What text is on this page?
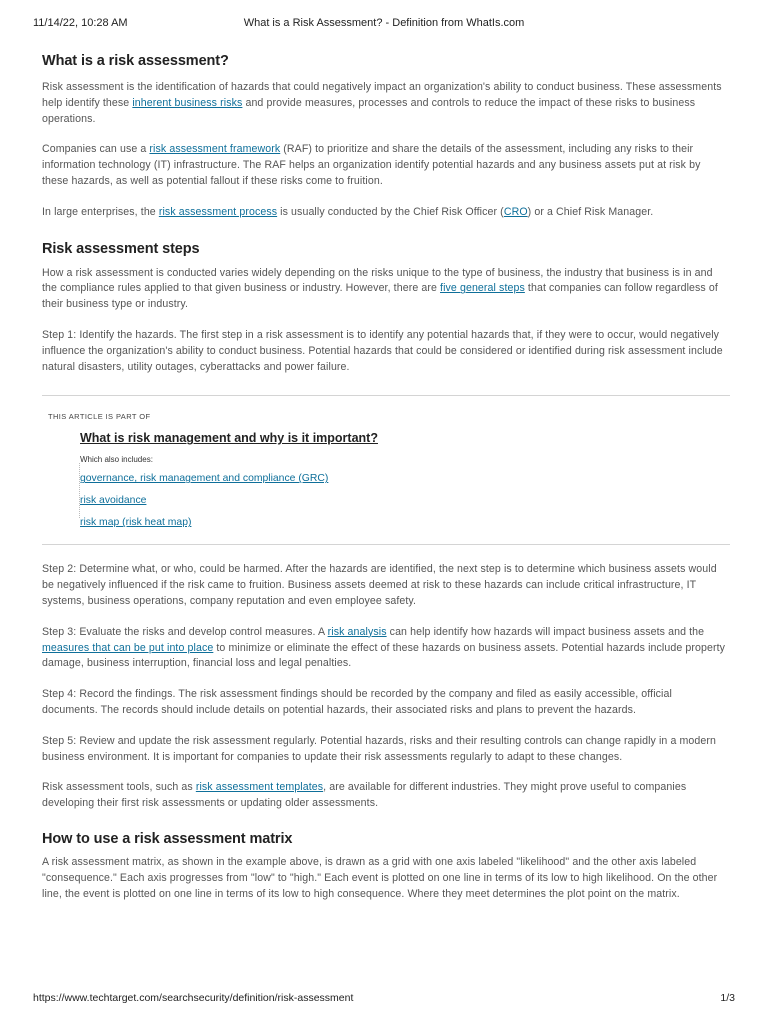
11/14/22, 10:28 AM	What is a Risk Assessment? - Definition from WhatIs.com
What is a risk assessment?

Risk assessment is the identification of hazards that could negatively impact an organization's ability to conduct business. These assessments help identify these inherent business risks and provide measures, processes and controls to reduce the impact of these risks to business operations.

Companies can use a risk assessment framework (RAF) to prioritize and share the details of the assessment, including any risks to their information technology (IT) infrastructure. The RAF helps an organization identify potential hazards and any business assets put at risk by these hazards, as well as potential fallout if these risks come to fruition.

In large enterprises, the risk assessment process is usually conducted by the Chief Risk Officer (CRO) or a Chief Risk Manager.

Risk assessment steps

How a risk assessment is conducted varies widely depending on the risks unique to the type of business, the industry that business is in and the compliance rules applied to that given business or industry. However, there are five general steps that companies can follow regardless of their business type or industry.

Step 1: Identify the hazards. The first step in a risk assessment is to identify any potential hazards that, if they were to occur, would negatively influence the organization's ability to conduct business. Potential hazards that could be considered or identified during risk assessment include natural disasters, utility outages, cyberattacks and power failure.

THIS ARTICLE IS PART OF
What is risk management and why is it important?
Which also includes:
governance, risk management and compliance (GRC)
risk avoidance
risk map (risk heat map)

Step 2: Determine what, or who, could be harmed. After the hazards are identified, the next step is to determine which business assets would be negatively influenced if the risk came to fruition. Business assets deemed at risk to these hazards can include critical infrastructure, IT systems, business operations, company reputation and even employee safety.

Step 3: Evaluate the risks and develop control measures. A risk analysis can help identify how hazards will impact business assets and the measures that can be put into place to minimize or eliminate the effect of these hazards on business assets. Potential hazards include property damage, business interruption, financial loss and legal penalties.

Step 4: Record the findings. The risk assessment findings should be recorded by the company and filed as easily accessible, official documents. The records should include details on potential hazards, their associated risks and plans to prevent the hazards.

Step 5: Review and update the risk assessment regularly. Potential hazards, risks and their resulting controls can change rapidly in a modern business environment. It is important for companies to update their risk assessments regularly to adapt to these changes.

Risk assessment tools, such as risk assessment templates, are available for different industries. They might prove useful to companies developing their first risk assessments or updating older assessments.

How to use a risk assessment matrix

A risk assessment matrix, as shown in the example above, is drawn as a grid with one axis labeled "likelihood" and the other axis labeled "consequence." Each axis progresses from "low" to "high." Each event is plotted on one line in terms of its low to high likelihood. On the other line, the event is plotted on one line in terms of its low to high consequence. Where they meet determines the plot point on the matrix.

https://www.techtarget.com/searchsecurity/definition/risk-assessment	1/3
